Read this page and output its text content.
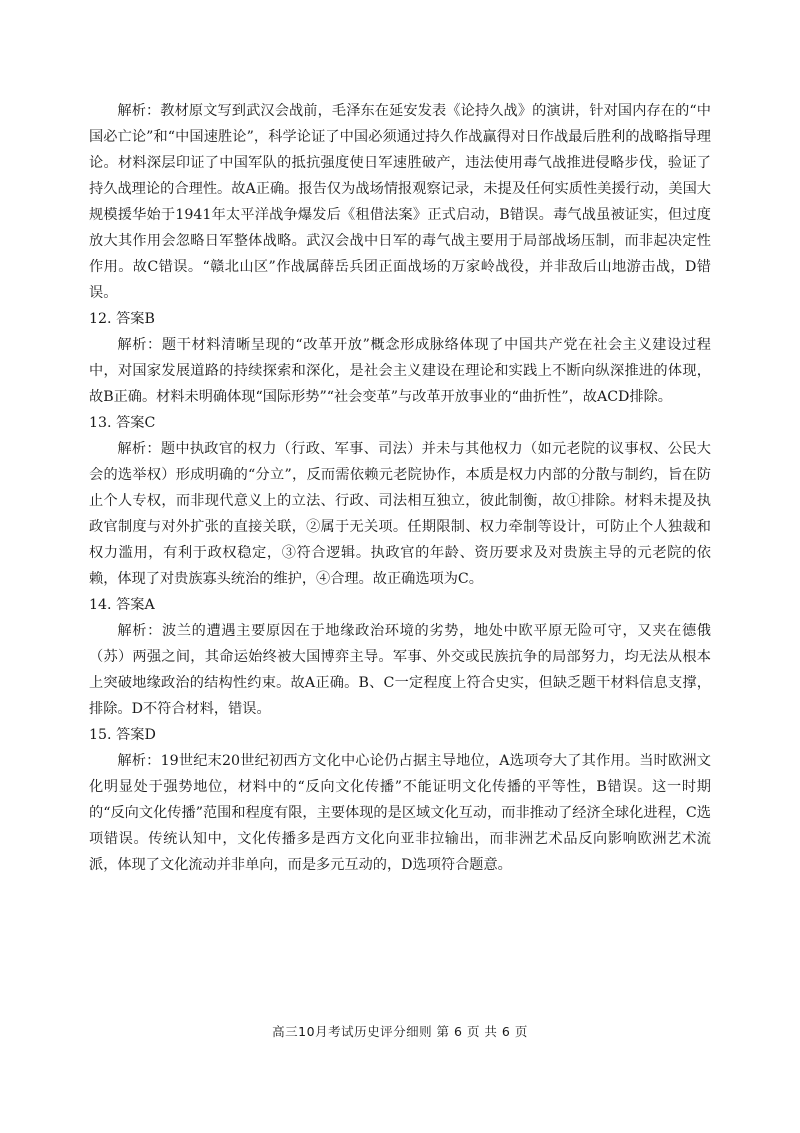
解析：教材原文写到武汉会战前，毛泽东在延安发表《论持久战》的演讲，针对国内存在的“中国必亡论”和“中国速胜论”，科学论证了中国必须通过持久作战赢得对日作战最后胜利的战略指导理论。材料深层印证了中国军队的抵抗强度使日军速胜破产，违法使用毒气战推进侵略步伐，验证了持久战理论的合理性。故A正确。报告仅为战场情报观察记录，未提及任何实质性美援行动，美国大规模援华始于1941年太平洋战争爆发后《租借法案》正式启动，B错误。毒气战虽被证实，但过度放大其作用会忽略日军整体战略。武汉会战中日军的毒气战主要用于局部战场压制，而非起决定性作用。故C错误。“赣北山区”作战属薛岳兵团正面战场的万家岭战役，并非敌后山地游击战，D错误。

12. 答案B

解析：题干材料清晰呈现的“改革开放”概念形成脉络体现了中国共产党在社会主义建设过程中，对国家发展道路的持续探索和深化，是社会主义建设在理论和实践上不断向纵深推进的体现，故B正确。材料未明确体现“国际形势”“社会变革”与改革开放事业的“曲折性”，故ACD排除。

13. 答案C

解析：题中执政官的权力（行政、军事、司法）并未与其他权力（如元老院的议事权、公民大会的选举权）形成明确的“分立”，反而需依赖元老院协作，本质是权力内部的分散与制约，旨在防止个人专权，而非现代意义上的立法、行政、司法相互独立，彼此制衡，故①排除。材料未提及执政官制度与对外扩张的直接关联，②属于无关项。任期限制、权力牵制等设计，可防止个人独裁和权力滥用，有利于政权稳定，③符合逻辑。执政官的年龄、资历要求及对贵族主导的元老院的依赖，体现了对贵族寡头统治的维护，④合理。故正确选项为C。

14. 答案A

解析：波兰的遭遇主要原因在于地缘政治环境的劣势，地处中欧平原无险可守，又夹在德俄（苏）两强之间，其命运始终被大国博弈主导。军事、外交或民族抗争的局部努力，均无法从根本上突破地缘政治的结构性约束。故A正确。B、C一定程度上符合史实，但缺乏题干材料信息支撑，排除。D不符合材料，错误。

15. 答案D

解析：19世纪末20世纪初西方文化中心论仍占据主导地位，A选项夸大了其作用。当时欧洲文化明显处于强势地位，材料中的“反向文化传播”不能证明文化传播的平等性，B错误。这一时期的“反向文化传播”范围和程度有限，主要体现的是区域文化互动，而非推动了经济全球化进程，C选项错误。传统认知中，文化传播多是西方文化向亚非拉输出，而非洲艺术品反向影响欧洲艺术流派，体现了文化流动并非单向，而是多元互动的，D选项符合题意。

高三10月考试历史评分细则 第 6 页 共 6 页
